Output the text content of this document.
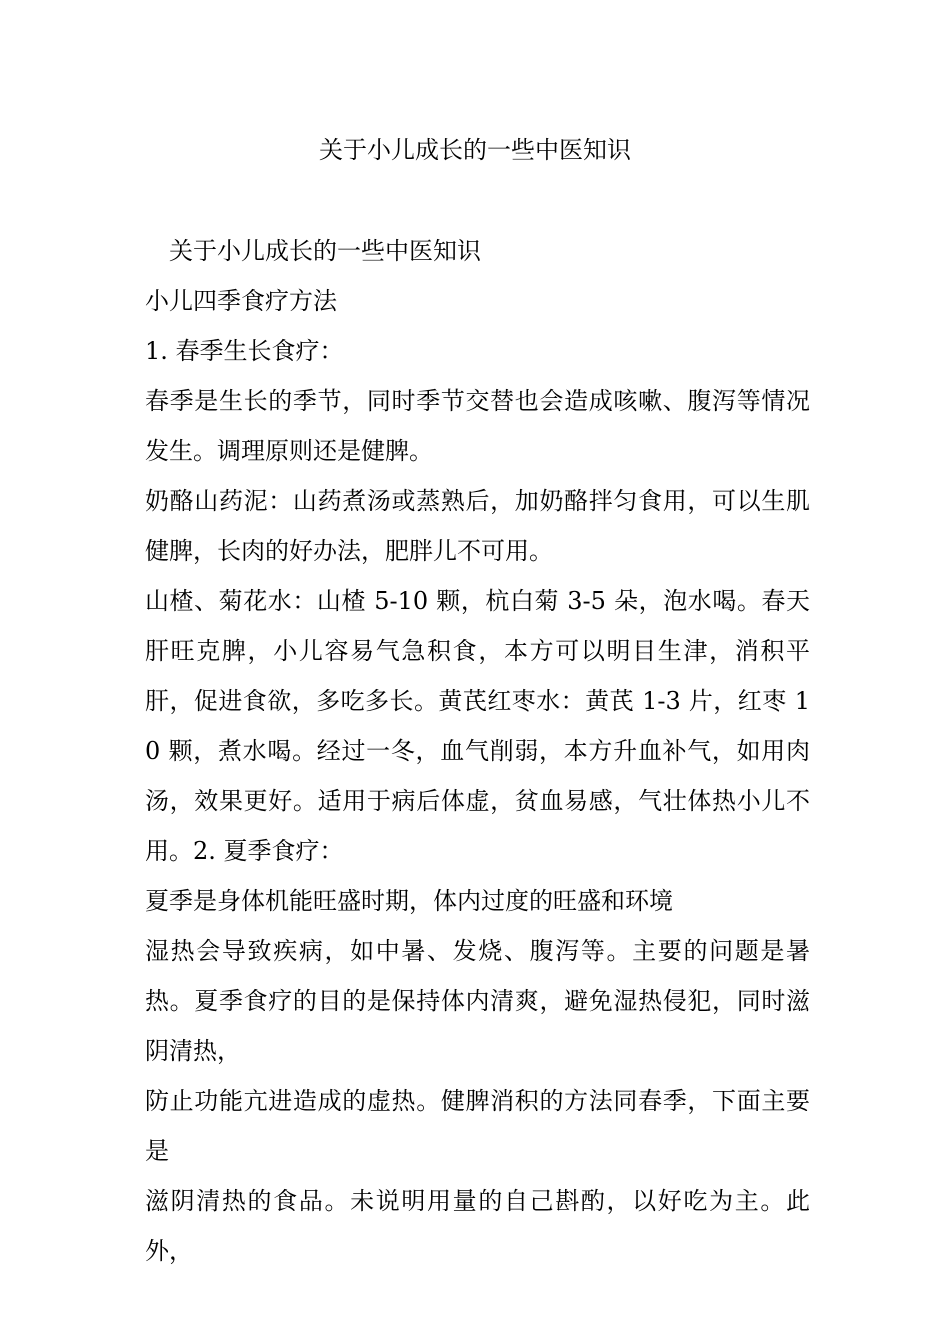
关于小儿成长的一些中医知识

关于小儿成长的一些中医知识

小儿四季食疗方法

1. 春季生长食疗：

春季是生长的季节，同时季节交替也会造成咳嗽、腹泻等情况发生。调理原则还是健脾。

奶酪山药泥：山药煮汤或蒸熟后，加奶酪拌匀食用，可以生肌健脾，长肉的好办法，肥胖儿不可用。

山楂、菊花水：山楂 5-10 颗，杭白菊 3-5 朵，泡水喝。春天肝旺克脾，小儿容易气急积食，本方可以明目生津，消积平肝，促进食欲，多吃多长。黄芪红枣水：黄芪 1-3 片，红枣 10 颗，煮水喝。经过一冬，血气削弱，本方升血补气，如用肉汤，效果更好。适用于病后体虚，贫血易感，气壮体热小儿不用。2. 夏季食疗：

夏季是身体机能旺盛时期，体内过度的旺盛和环境

湿热会导致疾病，如中暑、发烧、腹泻等。主要的问题是暑热。夏季食疗的目的是保持体内清爽，避免湿热侵犯，同时滋阴清热，

防止功能亢进造成的虚热。健脾消积的方法同春季，下面主要是

滋阴清热的食品。未说明用量的自己斟酌，以好吃为主。此外，
